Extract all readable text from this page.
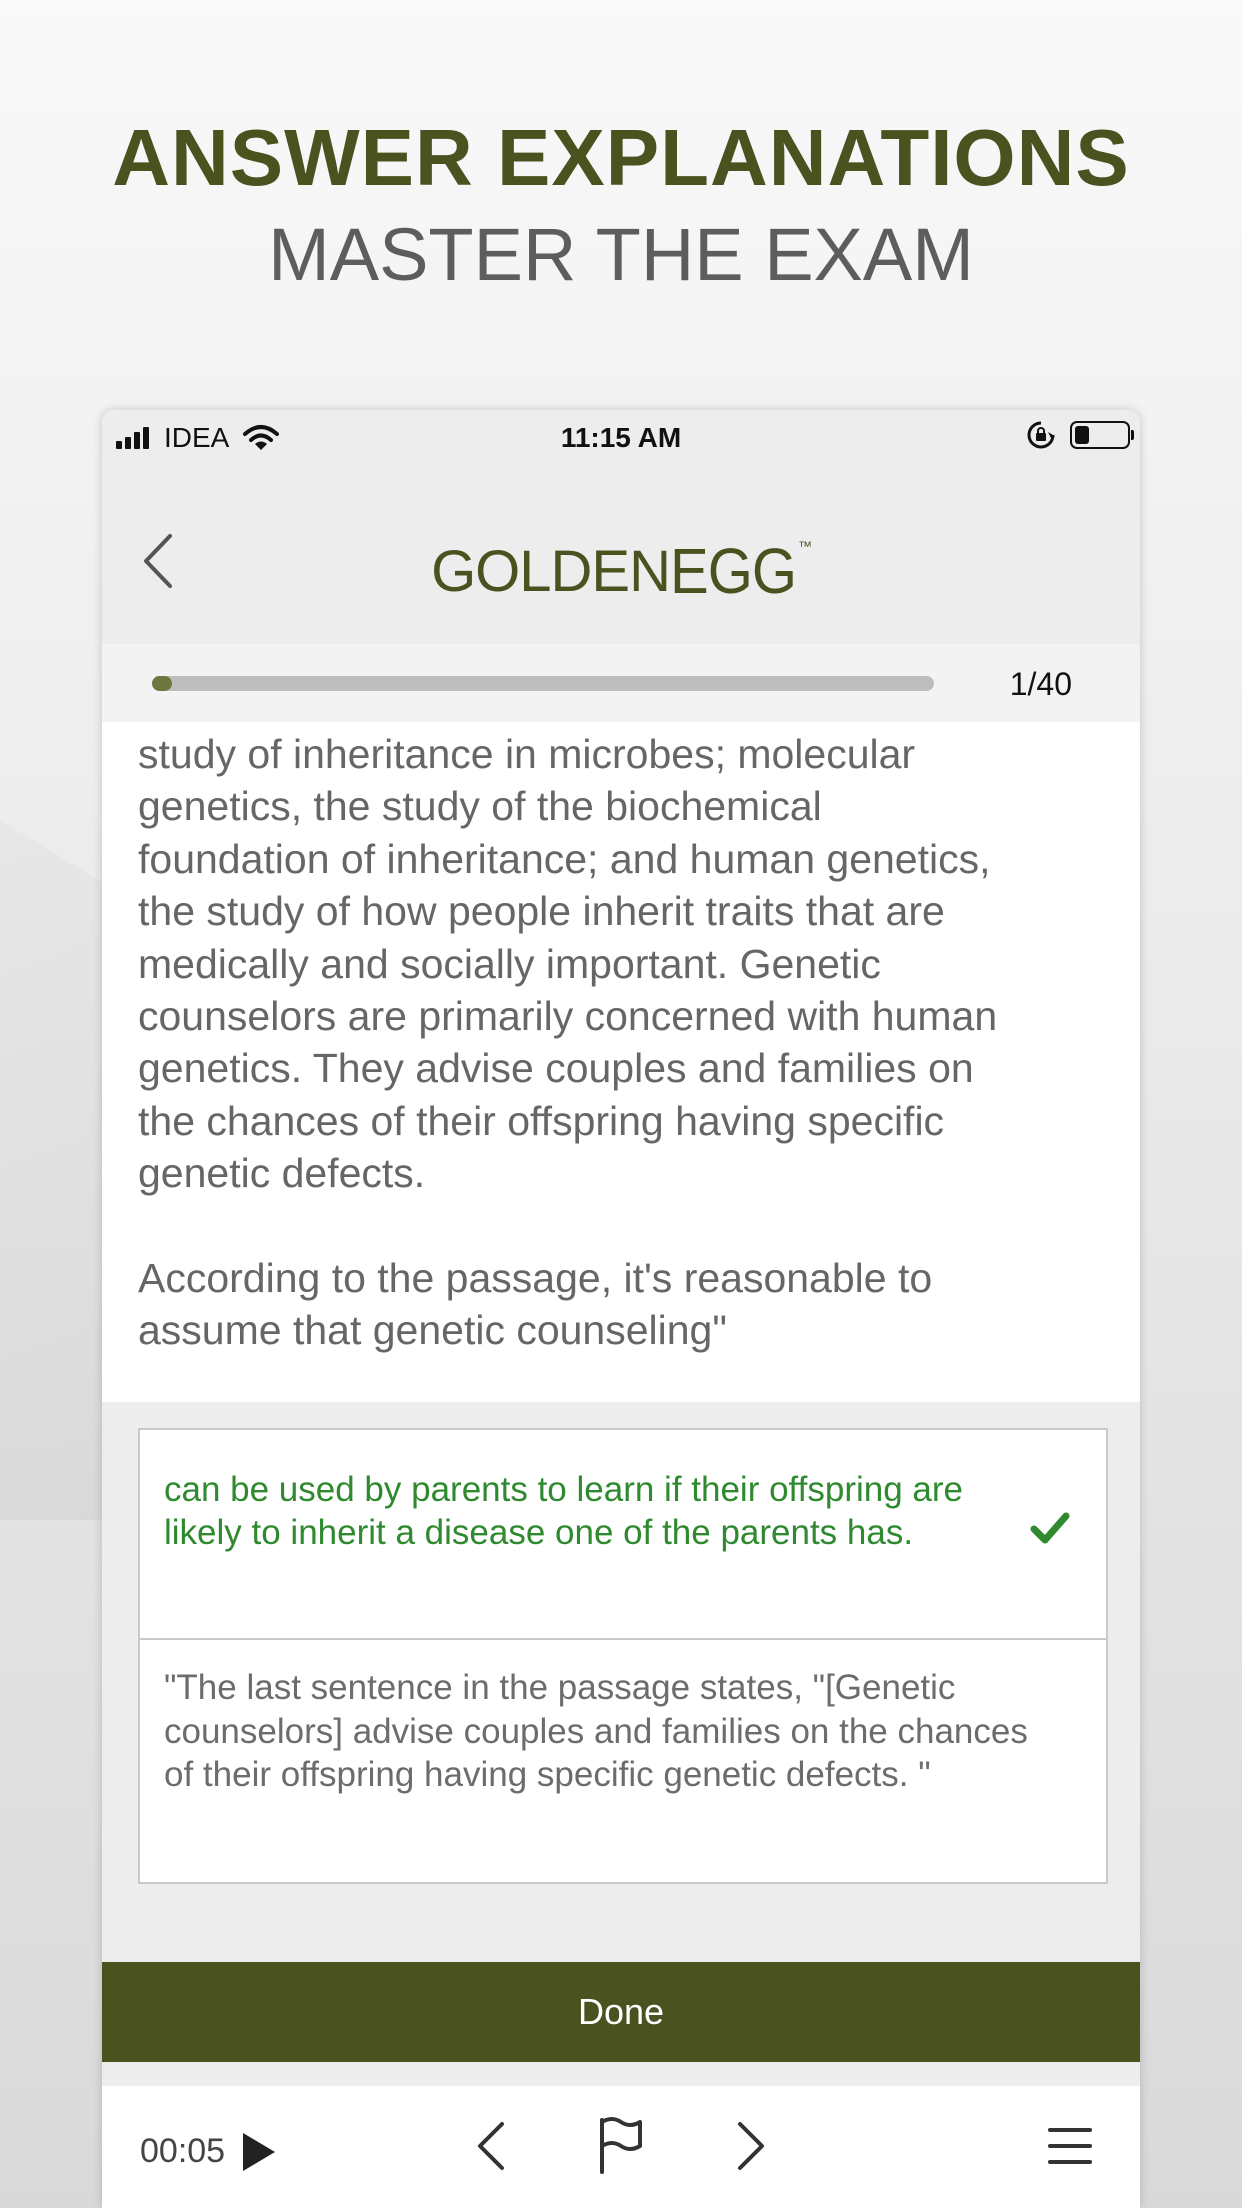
ANSWER EXPLANATIONS
MASTER THE EXAM
IDEA	11:15 AM
GOLDENEGG ™
1/40
study of inheritance in microbes; molecular
genetics, the study of the biochemical
foundation of inheritance; and human genetics,
the study of how people inherit traits that are
medically and socially important. Genetic
counselors are primarily concerned with human
genetics. They advise couples and families on
the chances of their offspring having specific
genetic defects.

According to the passage, it's reasonable to
assume that genetic counseling"
can be used by parents to learn if their offspring are likely to inherit a disease one of the parents has.
"The last sentence in the passage states, "[Genetic counselors] advise couples and families on the chances of their offspring having specific genetic defects. "
Done
00:05
